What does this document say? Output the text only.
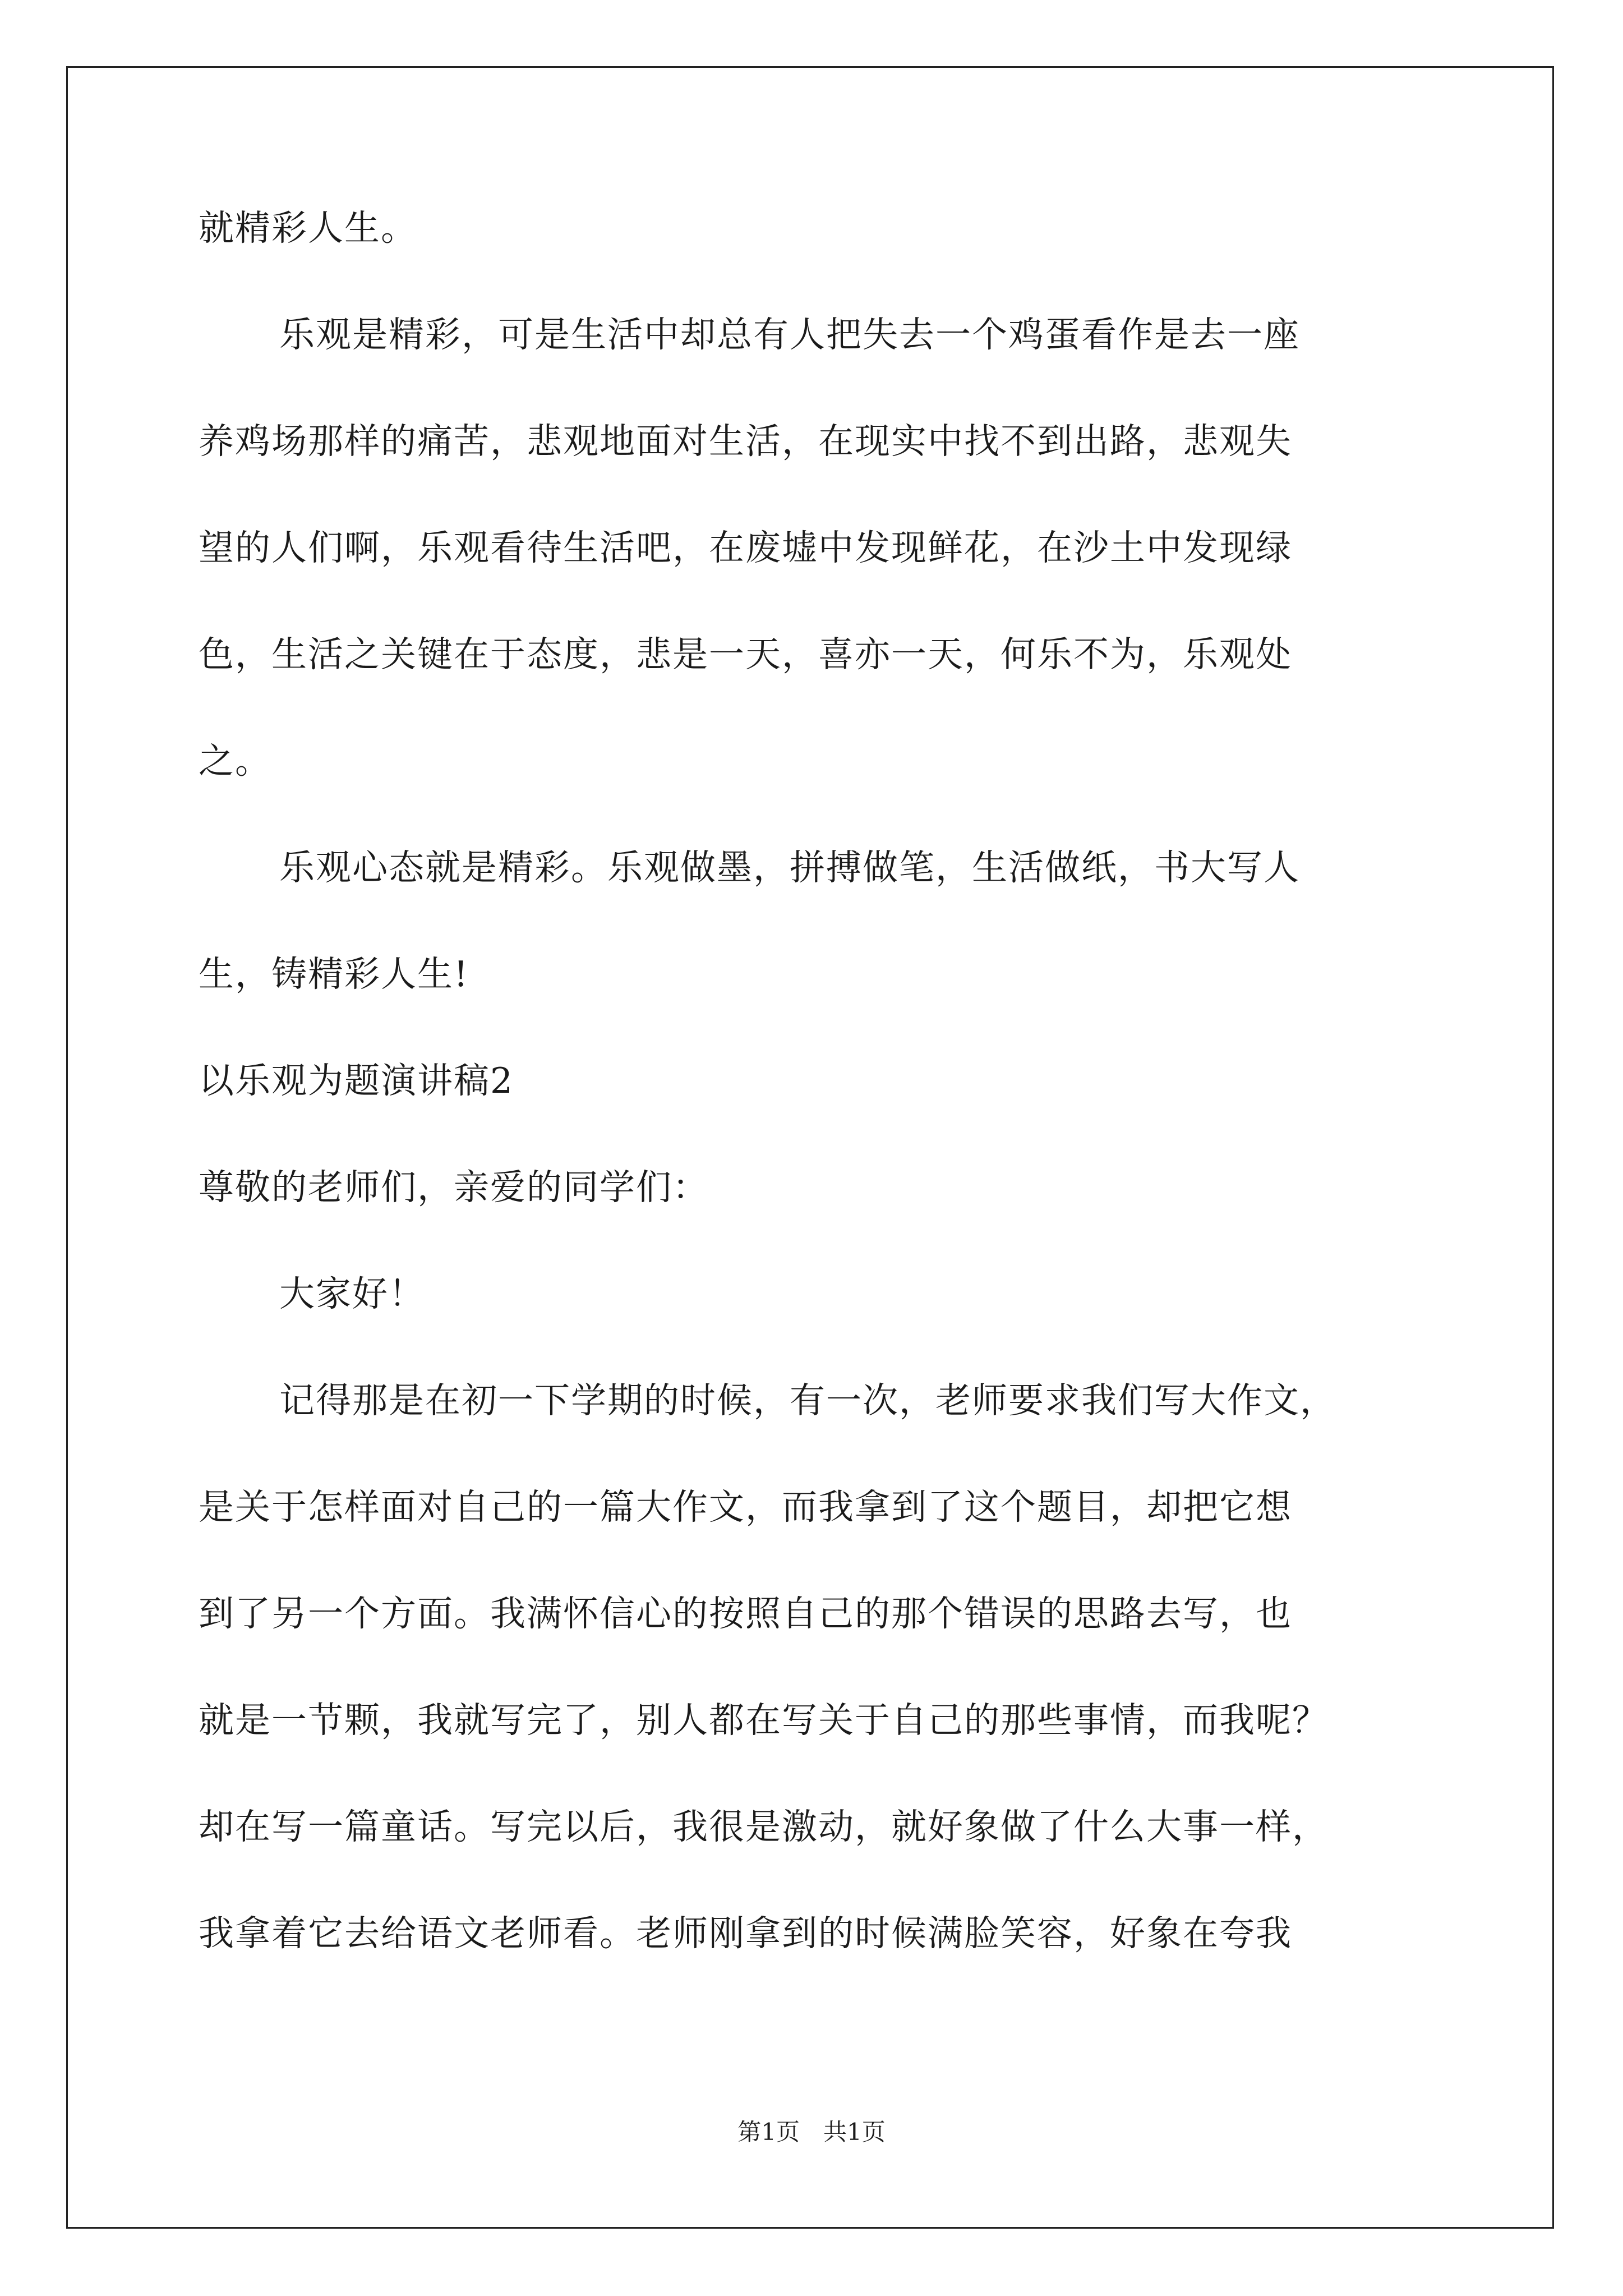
就精彩人生。
乐观是精彩，可是生活中却总有人把失去一个鸡蛋看作是去一座
养鸡场那样的痛苦，悲观地面对生活，在现实中找不到出路，悲观失
望的人们啊，乐观看待生活吧，在废墟中发现鲜花，在沙土中发现绿
色，生活之关键在于态度，悲是一天，喜亦一天，何乐不为，乐观处
之。
乐观心态就是精彩。乐观做墨，拼搏做笔，生活做纸，书大写人
生，铸精彩人生!
以乐观为题演讲稿2
尊敬的老师们，亲爱的同学们：
大家好！
记得那是在初一下学期的时候，有一次，老师要求我们写大作文，
是关于怎样面对自己的一篇大作文，而我拿到了这个题目，却把它想
到了另一个方面。我满怀信心的按照自己的那个错误的思路去写，也
就是一节颗，我就写完了，别人都在写关于自己的那些事情，而我呢？
却在写一篇童话。写完以后，我很是激动，就好象做了什么大事一样，
我拿着它去给语文老师看。老师刚拿到的时候满脸笑容，好象在夸我
第1页　共1页
